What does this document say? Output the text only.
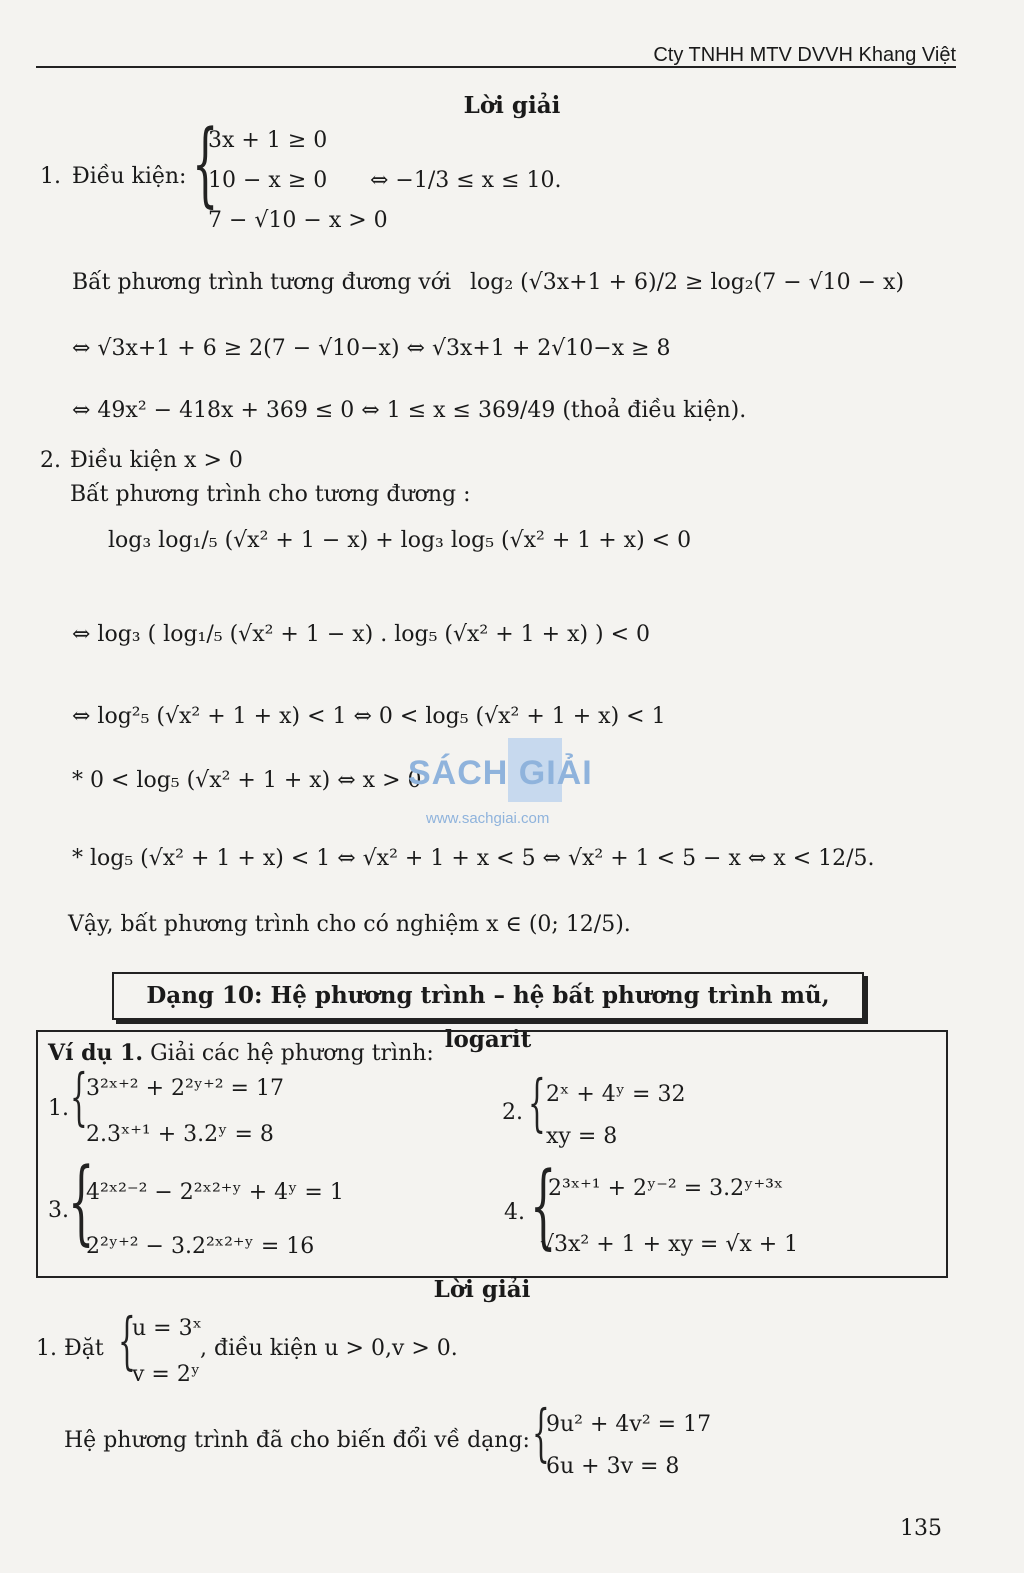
Cty TNHH MTV DVVH Khang Việt
Lời giải
1. Điều kiện: {
3x + 1 ≥ 0
10 − x ≥ 0
7 − √10 − x > 0
⇔ −1/3 ≤ x ≤ 10.
Bất phương trình tương đương với log₂ (√3x+1 + 6)/2 ≥ log₂(7 − √10 − x)
⇔ √3x+1 + 6 ≥ 2(7 − √10−x) ⇔ √3x+1 + 2√10−x ≥ 8
⇔ 49x² − 418x + 369 ≤ 0 ⇔ 1 ≤ x ≤ 369/49 (thoả điều kiện).
2. Điều kiện x > 0
Bất phương trình cho tương đương :
log₃ log₁/₅ (√x² + 1 − x) + log₃ log₅ (√x² + 1 + x) < 0
⇔ log₃ ( log₁/₅ (√x² + 1 − x) . log₅ (√x² + 1 + x) ) < 0
⇔ log²₅ (√x² + 1 + x) < 1 ⇔ 0 < log₅ (√x² + 1 + x) < 1
* 0 < log₅ (√x² + 1 + x) ⇔ x > 0
* log₅ (√x² + 1 + x) < 1 ⇔ √x² + 1 + x < 5 ⇔ √x² + 1 < 5 − x ⇔ x < 12/5.
Vậy, bất phương trình cho có nghiệm x ∈ (0; 12/5).
SÁCH GIẢI
www.sachgiai.com
Dạng 10: Hệ phương trình – hệ bất phương trình mũ, logarit
Ví dụ 1. Giải các hệ phương trình:
1. {
3²ˣ⁺² + 2²ʸ⁺² = 17
2.3ˣ⁺¹ + 3.2ʸ = 8
2. { 2ˣ + 4ʸ = 32
xy = 8
3. {
4²ˣ²⁻² − 2²ˣ²⁺ʸ + 4ʸ = 1
2²ʸ⁺² − 3.2²ˣ²⁺ʸ = 16
4. {
2³ˣ⁺¹ + 2ʸ⁻² = 3.2ʸ⁺³ˣ
√3x² + 1 + xy = √x + 1
Lời giải
1. Đặt {
u = 3ˣ
v = 2ʸ
, điều kiện u > 0,v > 0.
Hệ phương trình đã cho biến đổi về dạng: {
9u² + 4v² = 17
6u + 3v = 8
135
